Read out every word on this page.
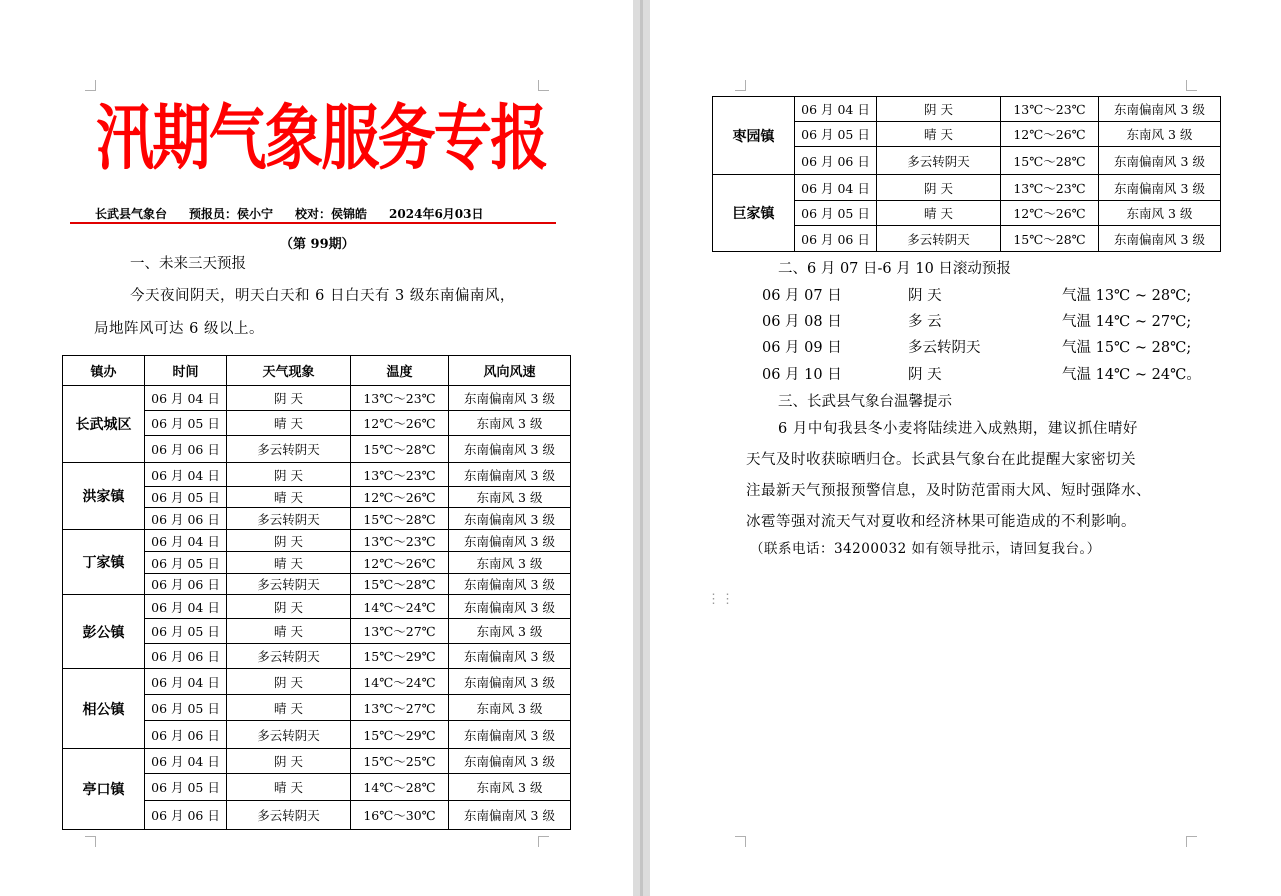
汛期气象服务专报
长武县气象台 预报员：侯小宁 校对：侯锦皓 2024年6月03日
（第 99期）
一、未来三天预报
今天夜间阴天，明天白天和 6 日白天有 3 级东南偏南风，
局地阵风可达 6 级以上。
镇办	时间	天气现象	温度	风向风速
长武城区	06 月 04 日	阴 天	13℃～23℃	东南偏南风 3 级
	06 月 05 日	晴 天	12℃～26℃	东南风 3 级
	06 月 06 日	多云转阴天	15℃～28℃	东南偏南风 3 级
洪家镇	06 月 04 日	阴 天	13℃～23℃	东南偏南风 3 级
	06 月 05 日	晴 天	12℃～26℃	东南风 3 级
	06 月 06 日	多云转阴天	15℃～28℃	东南偏南风 3 级
丁家镇	06 月 04 日	阴 天	13℃～23℃	东南偏南风 3 级
	06 月 05 日	晴 天	12℃～26℃	东南风 3 级
	06 月 06 日	多云转阴天	15℃～28℃	东南偏南风 3 级
彭公镇	06 月 04 日	阴 天	14℃～24℃	东南偏南风 3 级
	06 月 05 日	晴 天	13℃～27℃	东南风 3 级
	06 月 06 日	多云转阴天	15℃～29℃	东南偏南风 3 级
相公镇	06 月 04 日	阴 天	14℃～24℃	东南偏南风 3 级
	06 月 05 日	晴 天	13℃～27℃	东南风 3 级
	06 月 06 日	多云转阴天	15℃～29℃	东南偏南风 3 级
亭口镇	06 月 04 日	阴 天	15℃～25℃	东南偏南风 3 级
	06 月 05 日	晴 天	14℃～28℃	东南风 3 级
	06 月 06 日	多云转阴天	16℃～30℃	东南偏南风 3 级
枣园镇	06 月 04 日	阴 天	13℃～23℃	东南偏南风 3 级
	06 月 05 日	晴 天	12℃～26℃	东南风 3 级
	06 月 06 日	多云转阴天	15℃～28℃	东南偏南风 3 级
巨家镇	06 月 04 日	阴 天	13℃～23℃	东南偏南风 3 级
	06 月 05 日	晴 天	12℃～26℃	东南风 3 级
	06 月 06 日	多云转阴天	15℃～28℃	东南偏南风 3 级
二、6 月 07 日-6 月 10 日滚动预报
06 月 07 日	阴 天	气温 13℃ ~ 28℃;
06 月 08 日	多 云	气温 14℃ ~ 27℃;
06 月 09 日	多云转阴天	气温 15℃ ~ 28℃;
06 月 10 日	阴 天	气温 14℃ ~ 24℃。
三、长武县气象台温馨提示
6 月中旬我县冬小麦将陆续进入成熟期，建议抓住晴好
天气及时收获晾晒归仓。长武县气象台在此提醒大家密切关
注最新天气预报预警信息，及时防范雷雨大风、短时强降水、
冰雹等强对流天气对夏收和经济林果可能造成的不利影响。
（联系电话：34200032 如有领导批示，请回复我台。）
⋮⋮
